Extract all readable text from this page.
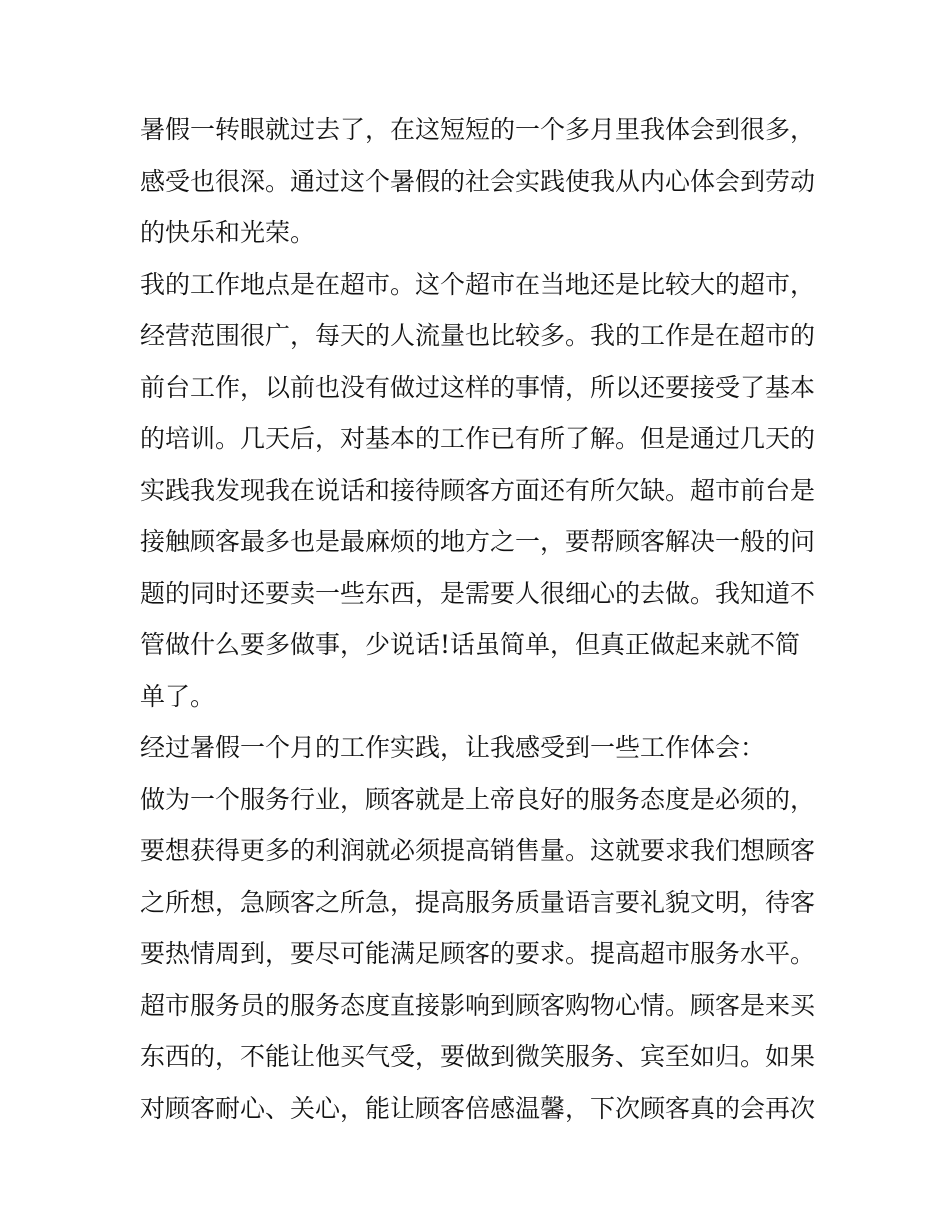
暑假一转眼就过去了，在这短短的一个多月里我体会到很多，
感受也很深。通过这个暑假的社会实践使我从内心体会到劳动
的快乐和光荣。
我的工作地点是在超市。这个超市在当地还是比较大的超市，
经营范围很广，每天的人流量也比较多。我的工作是在超市的
前台工作，以前也没有做过这样的事情，所以还要接受了基本
的培训。几天后，对基本的工作已有所了解。但是通过几天的
实践我发现我在说话和接待顾客方面还有所欠缺。超市前台是
接触顾客最多也是最麻烦的地方之一，要帮顾客解决一般的问
题的同时还要卖一些东西，是需要人很细心的去做。我知道不
管做什么要多做事，少说话!话虽简单，但真正做起来就不简
单了。
经过暑假一个月的工作实践，让我感受到一些工作体会：
做为一个服务行业，顾客就是上帝良好的服务态度是必须的，
要想获得更多的利润就必须提高销售量。这就要求我们想顾客
之所想，急顾客之所急，提高服务质量语言要礼貌文明，待客
要热情周到，要尽可能满足顾客的要求。提高超市服务水平。
超市服务员的服务态度直接影响到顾客购物心情。顾客是来买
东西的，不能让他买气受，要做到微笑服务、宾至如归。如果
对顾客耐心、关心，能让顾客倍感温馨，下次顾客真的会再次
